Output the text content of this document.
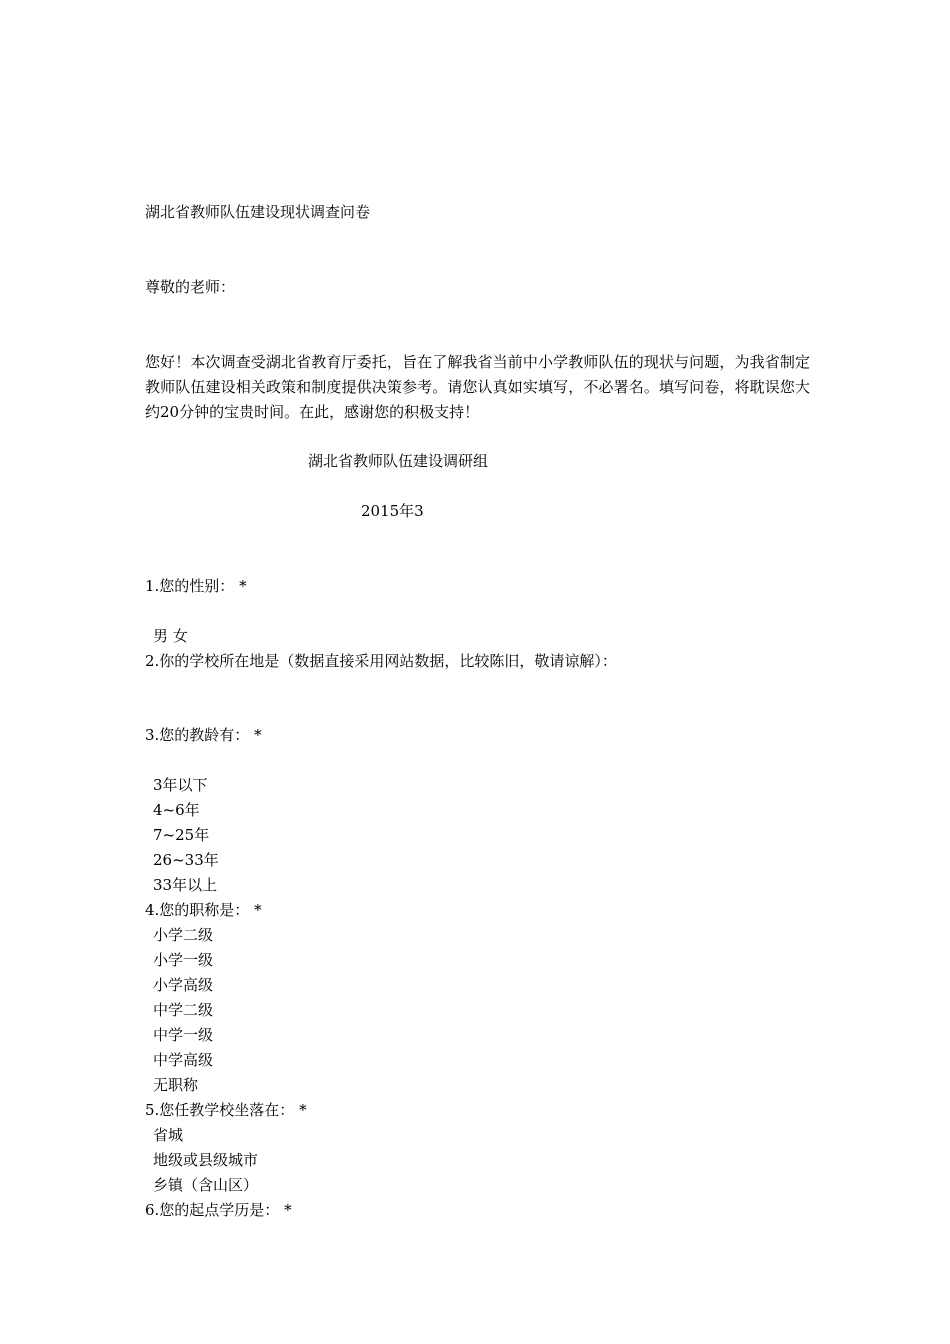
湖北省教师队伍建设现状调查问卷
尊敬的老师：
您好！本次调查受湖北省教育厅委托，旨在了解我省当前中小学教师队伍的现状与问题，为我省制定教师队伍建设相关政策和制度提供决策参考。请您认真如实填写，不必署名。填写问卷，将耽误您大约20分钟的宝贵时间。在此，感谢您的积极支持！
湖北省教师队伍建设调研组
2015年3
1.您的性别： *
男 女
2.你的学校所在地是（数据直接采用网站数据，比较陈旧，敬请谅解）：
3.您的教龄有： *
3年以下
4~6年
7~25年
26~33年
33年以上
4.您的职称是： *
小学二级
小学一级
小学高级
中学二级
中学一级
中学高级
无职称
5.您任教学校坐落在： *
省城
地级或县级城市
乡镇（含山区）
6.您的起点学历是： *
